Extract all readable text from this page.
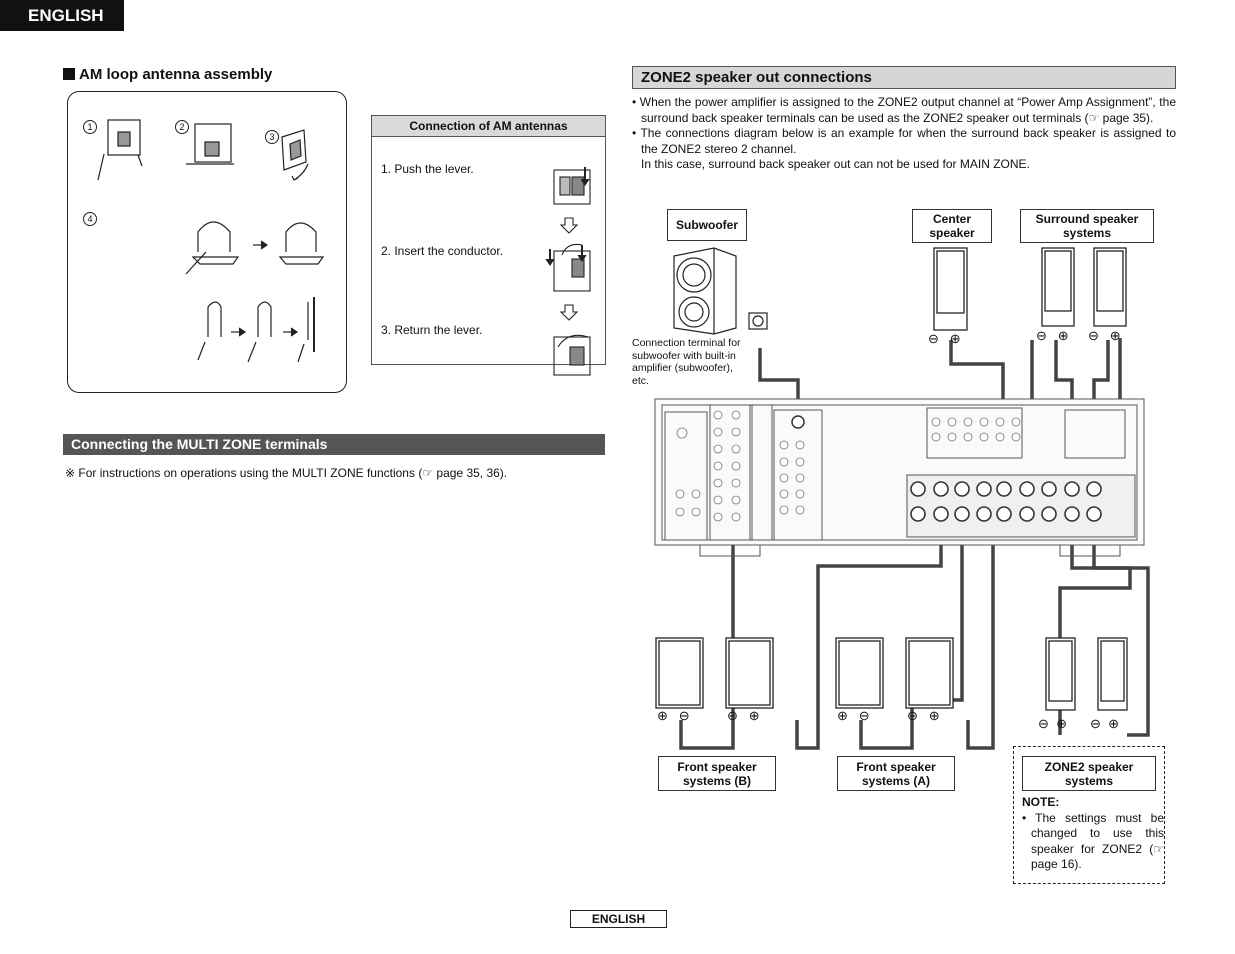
ENGLISH
AM loop antenna assembly
1	2
3
4
Connection of AM antennas
1. Push the lever.
2. Insert the conductor.
3. Return the lever.
Connecting the MULTI ZONE terminals
※ For instructions on operations using the MULTI ZONE functions (☞ page 35, 36).
ZONE2 speaker out connections

• When the power amplifier is assigned to the ZONE2 output channel at “Power Amp Assignment”, the surround back speaker terminals can be used as the ZONE2 speaker out terminals (☞ page 35).

• The connections diagram below is an example for when the surround back speaker is assigned to the ZONE2 stereo 2 channel.

In this case, surround back speaker out can not be used for MAIN ZONE.

⊖ ⊕	⊖ ⊕ ⊖ ⊕
⊕ ⊖	⊖ ⊕	⊕ ⊖	⊖ ⊕
⊖ ⊕ ⊖ ⊕
Subwoofer	Center speaker
Surround speaker systems
Front speaker systems (B)
Front speaker systems (A)
ZONE2 speaker systems
Connection terminal for subwoofer with built-in amplifier (subwoofer), etc.
NOTE:
• The settings must be changed to use this speaker for ZONE2 (☞ page 16).
ENGLISH
